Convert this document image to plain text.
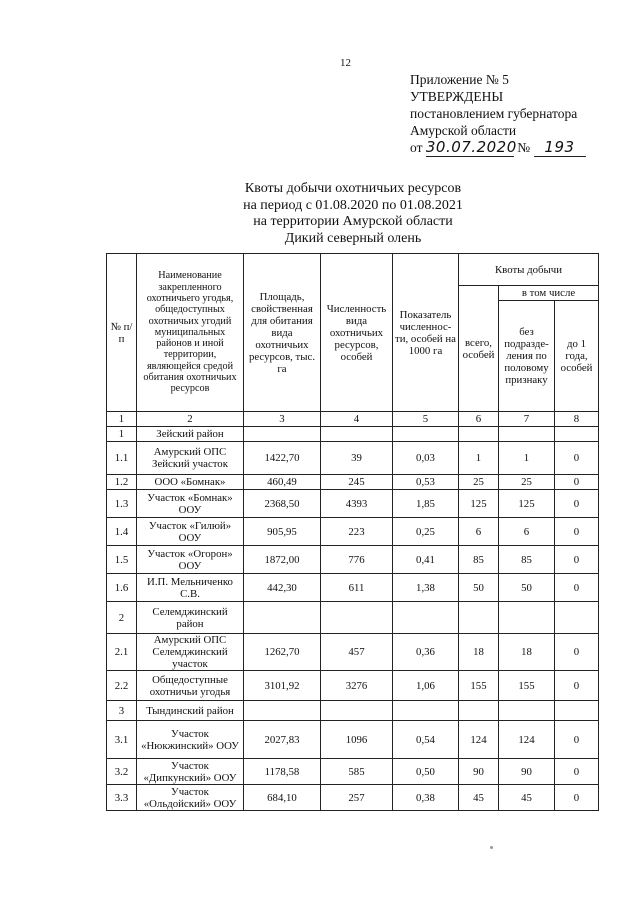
12
Приложение № 5
УТВЕРЖДЕНЫ
постановлением губернатора
Амурской области
от 30.07.2020 № 193
Квоты добычи охотничьих ресурсов
на период с 01.08.2020 по 01.08.2021
на территории Амурской области
Дикий северный олень
№ п/п	Наименование закрепленного охотничьего угодья, общедоступных охотничьих угодий муниципальных районов и иной территории, являющейся средой обитания охотничьих ресурсов	Площадь, свойственная для обитания вида охотничьих ресурсов, тыс. га	Численность вида охотничьих ресурсов, особей	Показатель численнос-ти, особей на 1000 га	Квоты добычи		
					всего, особей	в том числе	
						без подразде-ления по половому признаку	до 1 года, особей
1	2	3	4	5	6	7	8
1	Зейский район						
1.1	Амурский ОПС Зейский участок	1422,70	39	0,03	1	1	0
1.2	ООО «Бомнак»	460,49	245	0,53	25	25	0
1.3	Участок «Бомнак» ООУ	2368,50	4393	1,85	125	125	0
1.4	Участок «Гилюй» ООУ	905,95	223	0,25	6	6	0
1.5	Участок «Огорон» ООУ	1872,00	776	0,41	85	85	0
1.6	И.П. Мельниченко С.В.	442,30	611	1,38	50	50	0
2	Селемджинский район						
2.1	Амурский ОПС Селемджинский участок	1262,70	457	0,36	18	18	0
2.2	Общедоступные охотничьи угодья	3101,92	3276	1,06	155	155	0
3	Тындинский район						
3.1	Участок «Нюкжинский» ООУ	2027,83	1096	0,54	124	124	0
3.2	Участок «Дипкунский» ООУ	1178,58	585	0,50	90	90	0
3.3	Участок «Ольдойский» ООУ	684,10	257	0,38	45	45	0
